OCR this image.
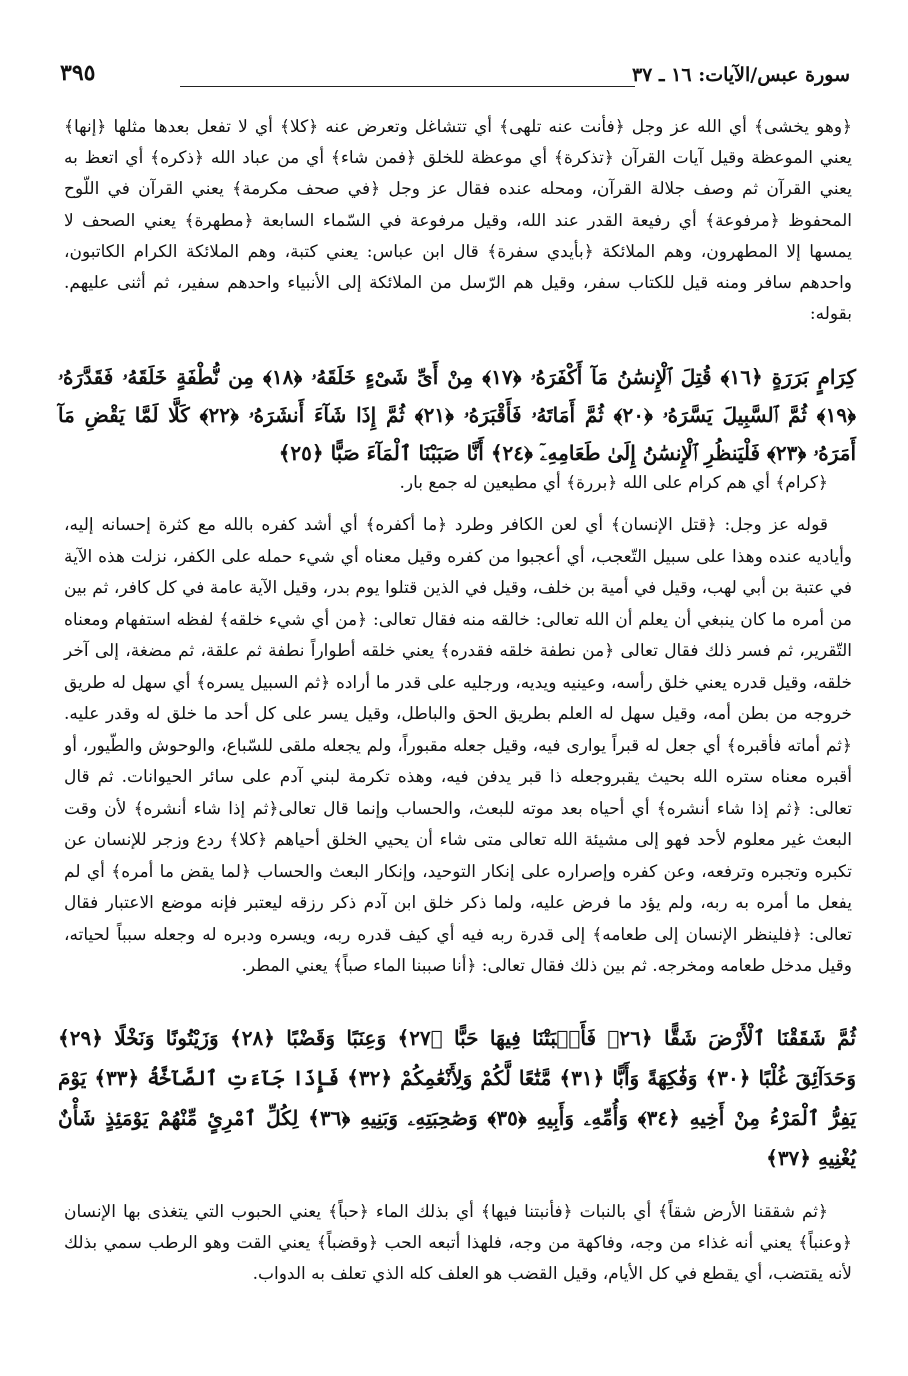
سورة عبس/الآيات: ١٦ ـ ٣٧
٣٩٥

﴿وهو يخشى﴾ أي الله عز وجل ﴿فأنت عنه تلهى﴾ أي تتشاغل وتعرض عنه ﴿كلا﴾ أي لا تفعل بعدها مثلها ﴿إنها﴾ يعني الموعظة وقيل آيات القرآن ﴿تذكرة﴾ أي موعظة للخلق ﴿فمن شاء﴾ أي من عباد الله ﴿ذكره﴾ أي اتعظ به يعني القرآن ثم وصف جلالة القرآن، ومحله عنده فقال عز وجل ﴿في صحف مكرمة﴾ يعني القرآن في اللّوح المحفوظ ﴿مرفوعة﴾ أي رفيعة القدر عند الله، وقيل مرفوعة في السّماء السابعة ﴿مطهرة﴾ يعني الصحف لا يمسها إلا المطهرون، وهم الملائكة ﴿بأيدي سفرة﴾ قال ابن عباس: يعني كتبة، وهم الملائكة الكرام الكاتبون، واحدهم سافر ومنه قيل للكتاب سفر، وقيل هم الرّسل من الملائكة إلى الأنبياء واحدهم سفير، ثم أثنى عليهم. بقوله:

كِرَامٍ بَرَرَةٍ ﴿١٦﴾ قُتِلَ ٱلْإِنسَٰنُ مَآ أَكْفَرَهُۥ ﴿١٧﴾ مِنْ أَىِّ شَىْءٍ خَلَقَهُۥ ﴿١٨﴾ مِن نُّطْفَةٍ خَلَقَهُۥ فَقَدَّرَهُۥ ﴿١٩﴾ ثُمَّ ٱلسَّبِيلَ يَسَّرَهُۥ ﴿٢٠﴾ ثُمَّ أَمَاتَهُۥ فَأَقْبَرَهُۥ ﴿٢١﴾ ثُمَّ إِذَا شَآءَ أَنشَرَهُۥ ﴿٢٢﴾ كَلَّا لَمَّا يَقْضِ مَآ أَمَرَهُۥ ﴿٢٣﴾ فَلْيَنظُرِ ٱلْإِنسَٰنُ إِلَىٰ طَعَامِهِۦٓ ﴿٢٤﴾ أَنَّا صَبَبْنَا ٱلْمَآءَ صَبًّا ﴿٢٥﴾

﴿كرام﴾ أي هم كرام على الله ﴿بررة﴾ أي مطيعين له جمع بار.

قوله عز وجل: ﴿قتل الإنسان﴾ أي لعن الكافر وطرد ﴿ما أكفره﴾ أي أشد كفره بالله مع كثرة إحسانه إليه، وأياديه عنده وهذا على سبيل التّعجب، أي أعجبوا من كفره وقيل معناه أي شيء حمله على الكفر، نزلت هذه الآية في عتبة بن أبي لهب، وقيل في أمية بن خلف، وقيل في الذين قتلوا يوم بدر، وقيل الآية عامة في كل كافر، ثم بين من أمره ما كان ينبغي أن يعلم أن الله تعالى: خالقه منه فقال تعالى: ﴿من أي شيء خلقه﴾ لفظه استفهام ومعناه التّقرير، ثم فسر ذلك فقال تعالى ﴿من نطفة خلقه فقدره﴾ يعني خلقه أطواراً نطفة ثم علقة، ثم مضغة، إلى آخر خلقه، وقيل قدره يعني خلق رأسه، وعينيه ويديه، ورجليه على قدر ما أراده ﴿ثم السبيل يسره﴾ أي سهل له طريق خروجه من بطن أمه، وقيل سهل له العلم بطريق الحق والباطل، وقيل يسر على كل أحد ما خلق له وقدر عليه. ﴿ثم أماته فأقبره﴾ أي جعل له قبراً يوارى فيه، وقيل جعله مقبوراً، ولم يجعله ملقى للسّباع، والوحوش والطّيور، أو أقبره معناه ستره الله بحيث يقبروجعله ذا قبر يدفن فيه، وهذه تكرمة لبني آدم على سائر الحيوانات. ثم قال تعالى: ﴿ثم إذا شاء أنشره﴾ أي أحياه بعد موته للبعث، والحساب وإنما قال تعالى﴿ثم إذا شاء أنشره﴾ لأن وقت البعث غير معلوم لأحد فهو إلى مشيئة الله تعالى متى شاء أن يحيي الخلق أحياهم ﴿كلا﴾ ردع وزجر للإنسان عن تكبره وتجبره وترفعه، وعن كفره وإصراره على إنكار التوحيد، وإنكار البعث والحساب ﴿لما يقض ما أمره﴾ أي لم يفعل ما أمره به ربه، ولم يؤد ما فرض عليه، ولما ذكر خلق ابن آدم ذكر رزقه ليعتبر فإنه موضع الاعتبار فقال تعالى: ﴿فلينظر الإنسان إلى طعامه﴾ إلى قدرة ربه فيه أي كيف قدره ربه، ويسره ودبره له وجعله سبباً لحياته، وقيل مدخل طعامه ومخرجه. ثم بين ذلك فقال تعالى: ﴿أنا صببنا الماء صباً﴾ يعني المطر.

ثُمَّ شَقَقْنَا ٱلْأَرْضَ شَقًّا ﴿٢٦﴾ فَأَنۢبَتْنَا فِيهَا حَبًّا ﴿٢٧﴾ وَعِنَبًا وَقَضْبًا ﴿٢٨﴾ وَزَيْتُونًا وَنَخْلًا ﴿٢٩﴾ وَحَدَآئِقَ غُلْبًا ﴿٣٠﴾ وَفَٰكِهَةً وَأَبًّا ﴿٣١﴾ مَّتَٰعًا لَّكُمْ وَلِأَنْعَٰمِكُمْ ﴿٣٢﴾ فَإِذَا جَآءَتِ ٱلصَّآخَّةُ ﴿٣٣﴾ يَوْمَ يَفِرُّ ٱلْمَرْءُ مِنْ أَخِيهِ ﴿٣٤﴾ وَأُمِّهِۦ وَأَبِيهِ ﴿٣٥﴾ وَصَٰحِبَتِهِۦ وَبَنِيهِ ﴿٣٦﴾ لِكُلِّ ٱمْرِئٍ مِّنْهُمْ يَوْمَئِذٍ شَأْنٌ يُغْنِيهِ ﴿٣٧﴾

﴿ثم شققنا الأرض شقاً﴾ أي بالنبات ﴿فأنبتنا فيها﴾ أي بذلك الماء ﴿حباً﴾ يعني الحبوب التي يتغذى بها الإنسان ﴿وعنباً﴾ يعني أنه غذاء من وجه، وفاكهة من وجه، فلهذا أتبعه الحب ﴿وقضباً﴾ يعني القت وهو الرطب سمي بذلك لأنه يقتضب، أي يقطع في كل الأيام، وقيل القضب هو العلف كله الذي تعلف به الدواب.
